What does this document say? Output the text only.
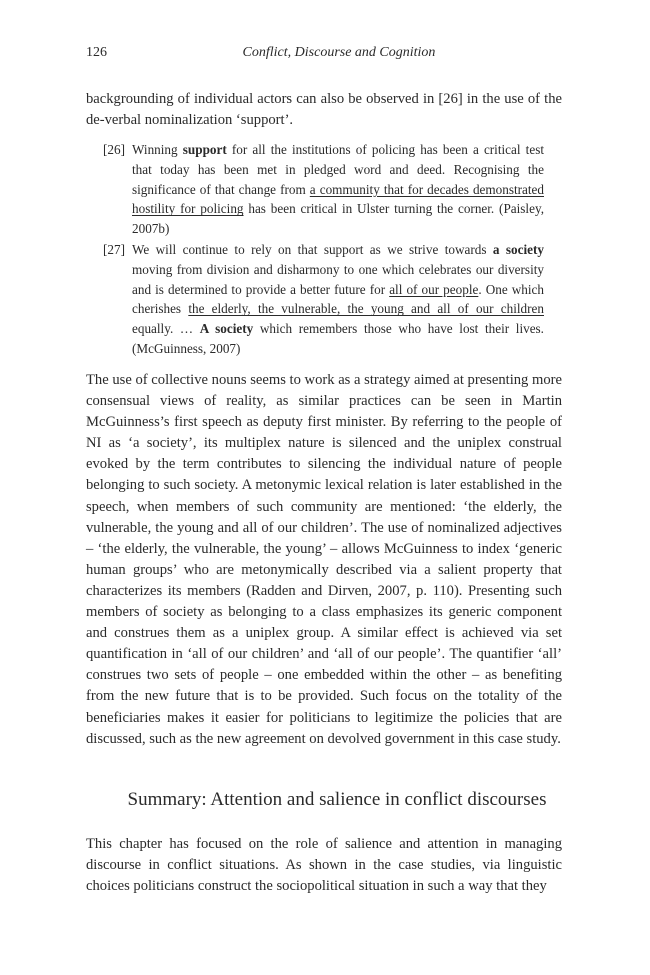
126	Conflict, Discourse and Cognition

backgrounding of individual actors can also be observed in [26] in the use of the de-verbal nominalization ‘support’.

[26] Winning support for all the institutions of policing has been a critical test that today has been met in pledged word and deed. Recognising the significance of that change from a community that for decades demonstrated hostility for policing has been critical in Ulster turning the corner. (Paisley, 2007b)
[27] We will continue to rely on that support as we strive towards a society moving from division and disharmony to one which celebrates our diversity and is determined to provide a better future for all of our people. One which cherishes the elderly, the vulnerable, the young and all of our children equally. … A society which remembers those who have lost their lives. (McGuinness, 2007)

The use of collective nouns seems to work as a strategy aimed at presenting more consensual views of reality, as similar practices can be seen in Martin McGuinness’s first speech as deputy first minister. By referring to the people of NI as ‘a society’, its multiplex nature is silenced and the uniplex construal evoked by the term contributes to silencing the individual nature of people belonging to such society. A metonymic lexical relation is later established in the speech, when members of such community are mentioned: ‘the elderly, the vulnerable, the young and all of our children’. The use of nominalized adjectives – ‘the elderly, the vulnerable, the young’ – allows McGuinness to index ‘generic human groups’ who are metonymically described via a salient property that characterizes its members (Radden and Dirven, 2007, p. 110). Presenting such members of society as belonging to a class emphasizes its generic component and construes them as a uniplex group. A similar effect is achieved via set quantification in ‘all of our children’ and ‘all of our people’. The quantifier ‘all’ construes two sets of people – one embedded within the other – as benefiting from the new future that is to be provided. Such focus on the totality of the beneficiaries makes it easier for politicians to legitimize the policies that are discussed, such as the new agreement on devolved government in this case study.

Summary: Attention and salience in conflict discourses

This chapter has focused on the role of salience and attention in managing discourse in conflict situations. As shown in the case studies, via linguistic choices politicians construct the sociopolitical situation in such a way that they
